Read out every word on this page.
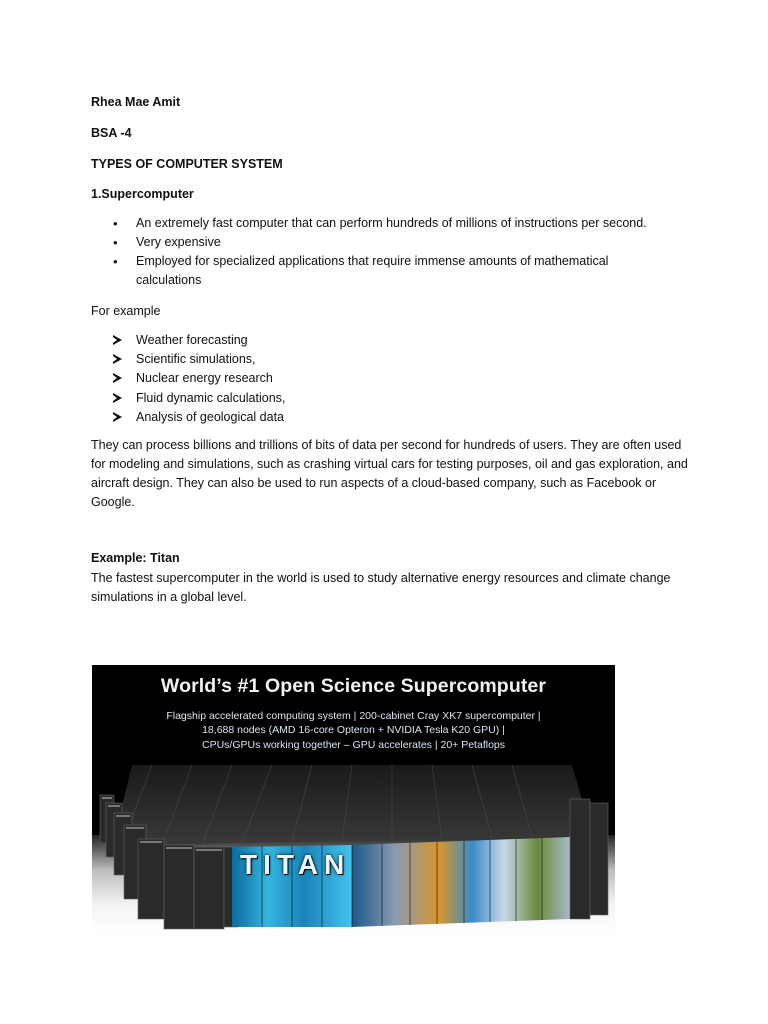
Rhea Mae Amit

BSA -4

TYPES OF COMPUTER SYSTEM

1.Supercomputer

• An extremely fast computer that can perform hundreds of millions of instructions per second.
• Very expensive
• Employed for specialized applications that require immense amounts of mathematical calculations

For example

Weather forecasting
Scientific simulations,
Nuclear energy research
Fluid dynamic calculations,
Analysis of geological data

They can process billions and trillions of bits of data per second for hundreds of users. They are often used for modeling and simulations, such as crashing virtual cars for testing purposes, oil and gas exploration, and aircraft design. They can also be used to run aspects of a cloud-based company, such as Facebook or Google.

Example: Titan

The fastest supercomputer in the world is used to study alternative energy resources and climate change simulations in a global level.

World’s #1 Open Science Supercomputer
Flagship accelerated computing system | 200-cabinet Cray XK7 supercomputer |
18,688 nodes (AMD 16-core Opteron + NVIDIA Tesla K20 GPU) |
CPUs/GPUs working together – GPU accelerates | 20+ Petaflops
TITAN
